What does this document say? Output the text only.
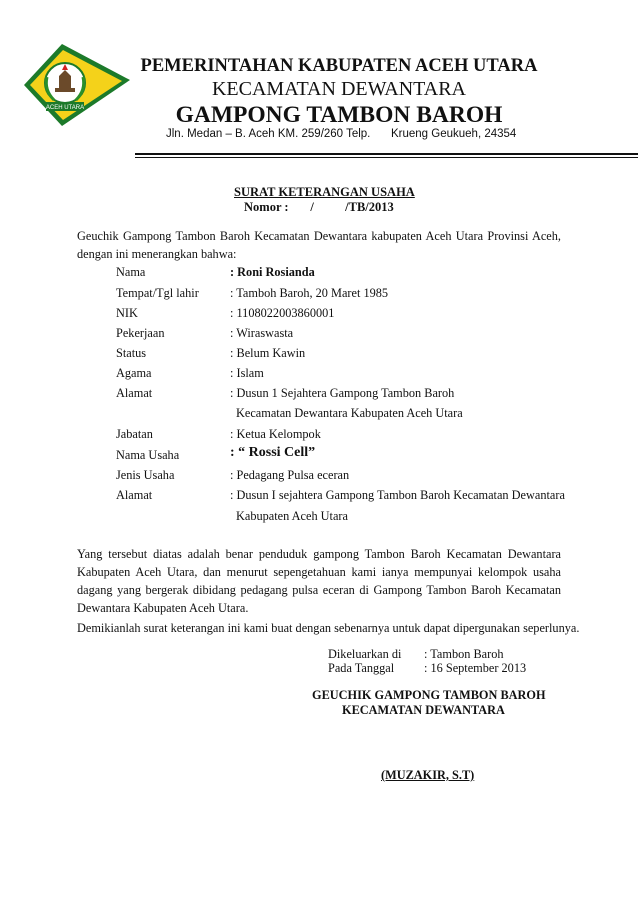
ACEH UTARA
PEMERINTAHAN KABUPATEN ACEH UTARA
KECAMATAN DEWANTARA
GAMPONG TAMBON BAROH
Jln. Medan – B. Aceh KM. 259/260 Telp. Krueng Geukueh, 24354
SURAT KETERANGAN USAHA
Nomor :       /          /TB/2013
Geuchik Gampong Tambon Baroh Kecamatan Dewantara kabupaten Aceh Utara Provinsi Aceh, dengan ini menerangkan bahwa:
Nama	: Roni Rosianda
Tempat/Tgl lahir	: Tamboh Baroh, 20 Maret 1985
NIK	: 1108022003860001
Pekerjaan	: Wiraswasta
Status	: Belum Kawin
Agama	: Islam
Alamat	: Dusun 1 Sejahtera Gampong Tambon Baroh
Kecamatan Dewantara Kabupaten Aceh Utara
Jabatan	: Ketua Kelompok
Nama Usaha	: “ Rossi Cell”
Jenis Usaha	: Pedagang Pulsa eceran
Alamat	: Dusun I sejahtera Gampong Tambon Baroh Kecamatan Dewantara
Kabupaten Aceh Utara
Yang tersebut diatas adalah benar penduduk gampong Tambon Baroh Kecamatan Dewantara Kabupaten Aceh Utara, dan menurut sepengetahuan kami ianya mempunyai kelompok usaha dagang yang bergerak dibidang pedagang pulsa eceran di Gampong Tambon Baroh Kecamatan Dewantara Kabupaten Aceh Utara.
Demikianlah surat keterangan ini kami buat dengan sebenarnya untuk dapat dipergunakan seperlunya.
Dikeluarkan di : Tambon Baroh
Pada Tanggal : 16 September 2013
GEUCHIK GAMPONG TAMBON BAROH
KECAMATAN DEWANTARA
(MUZAKIR, S.T)
